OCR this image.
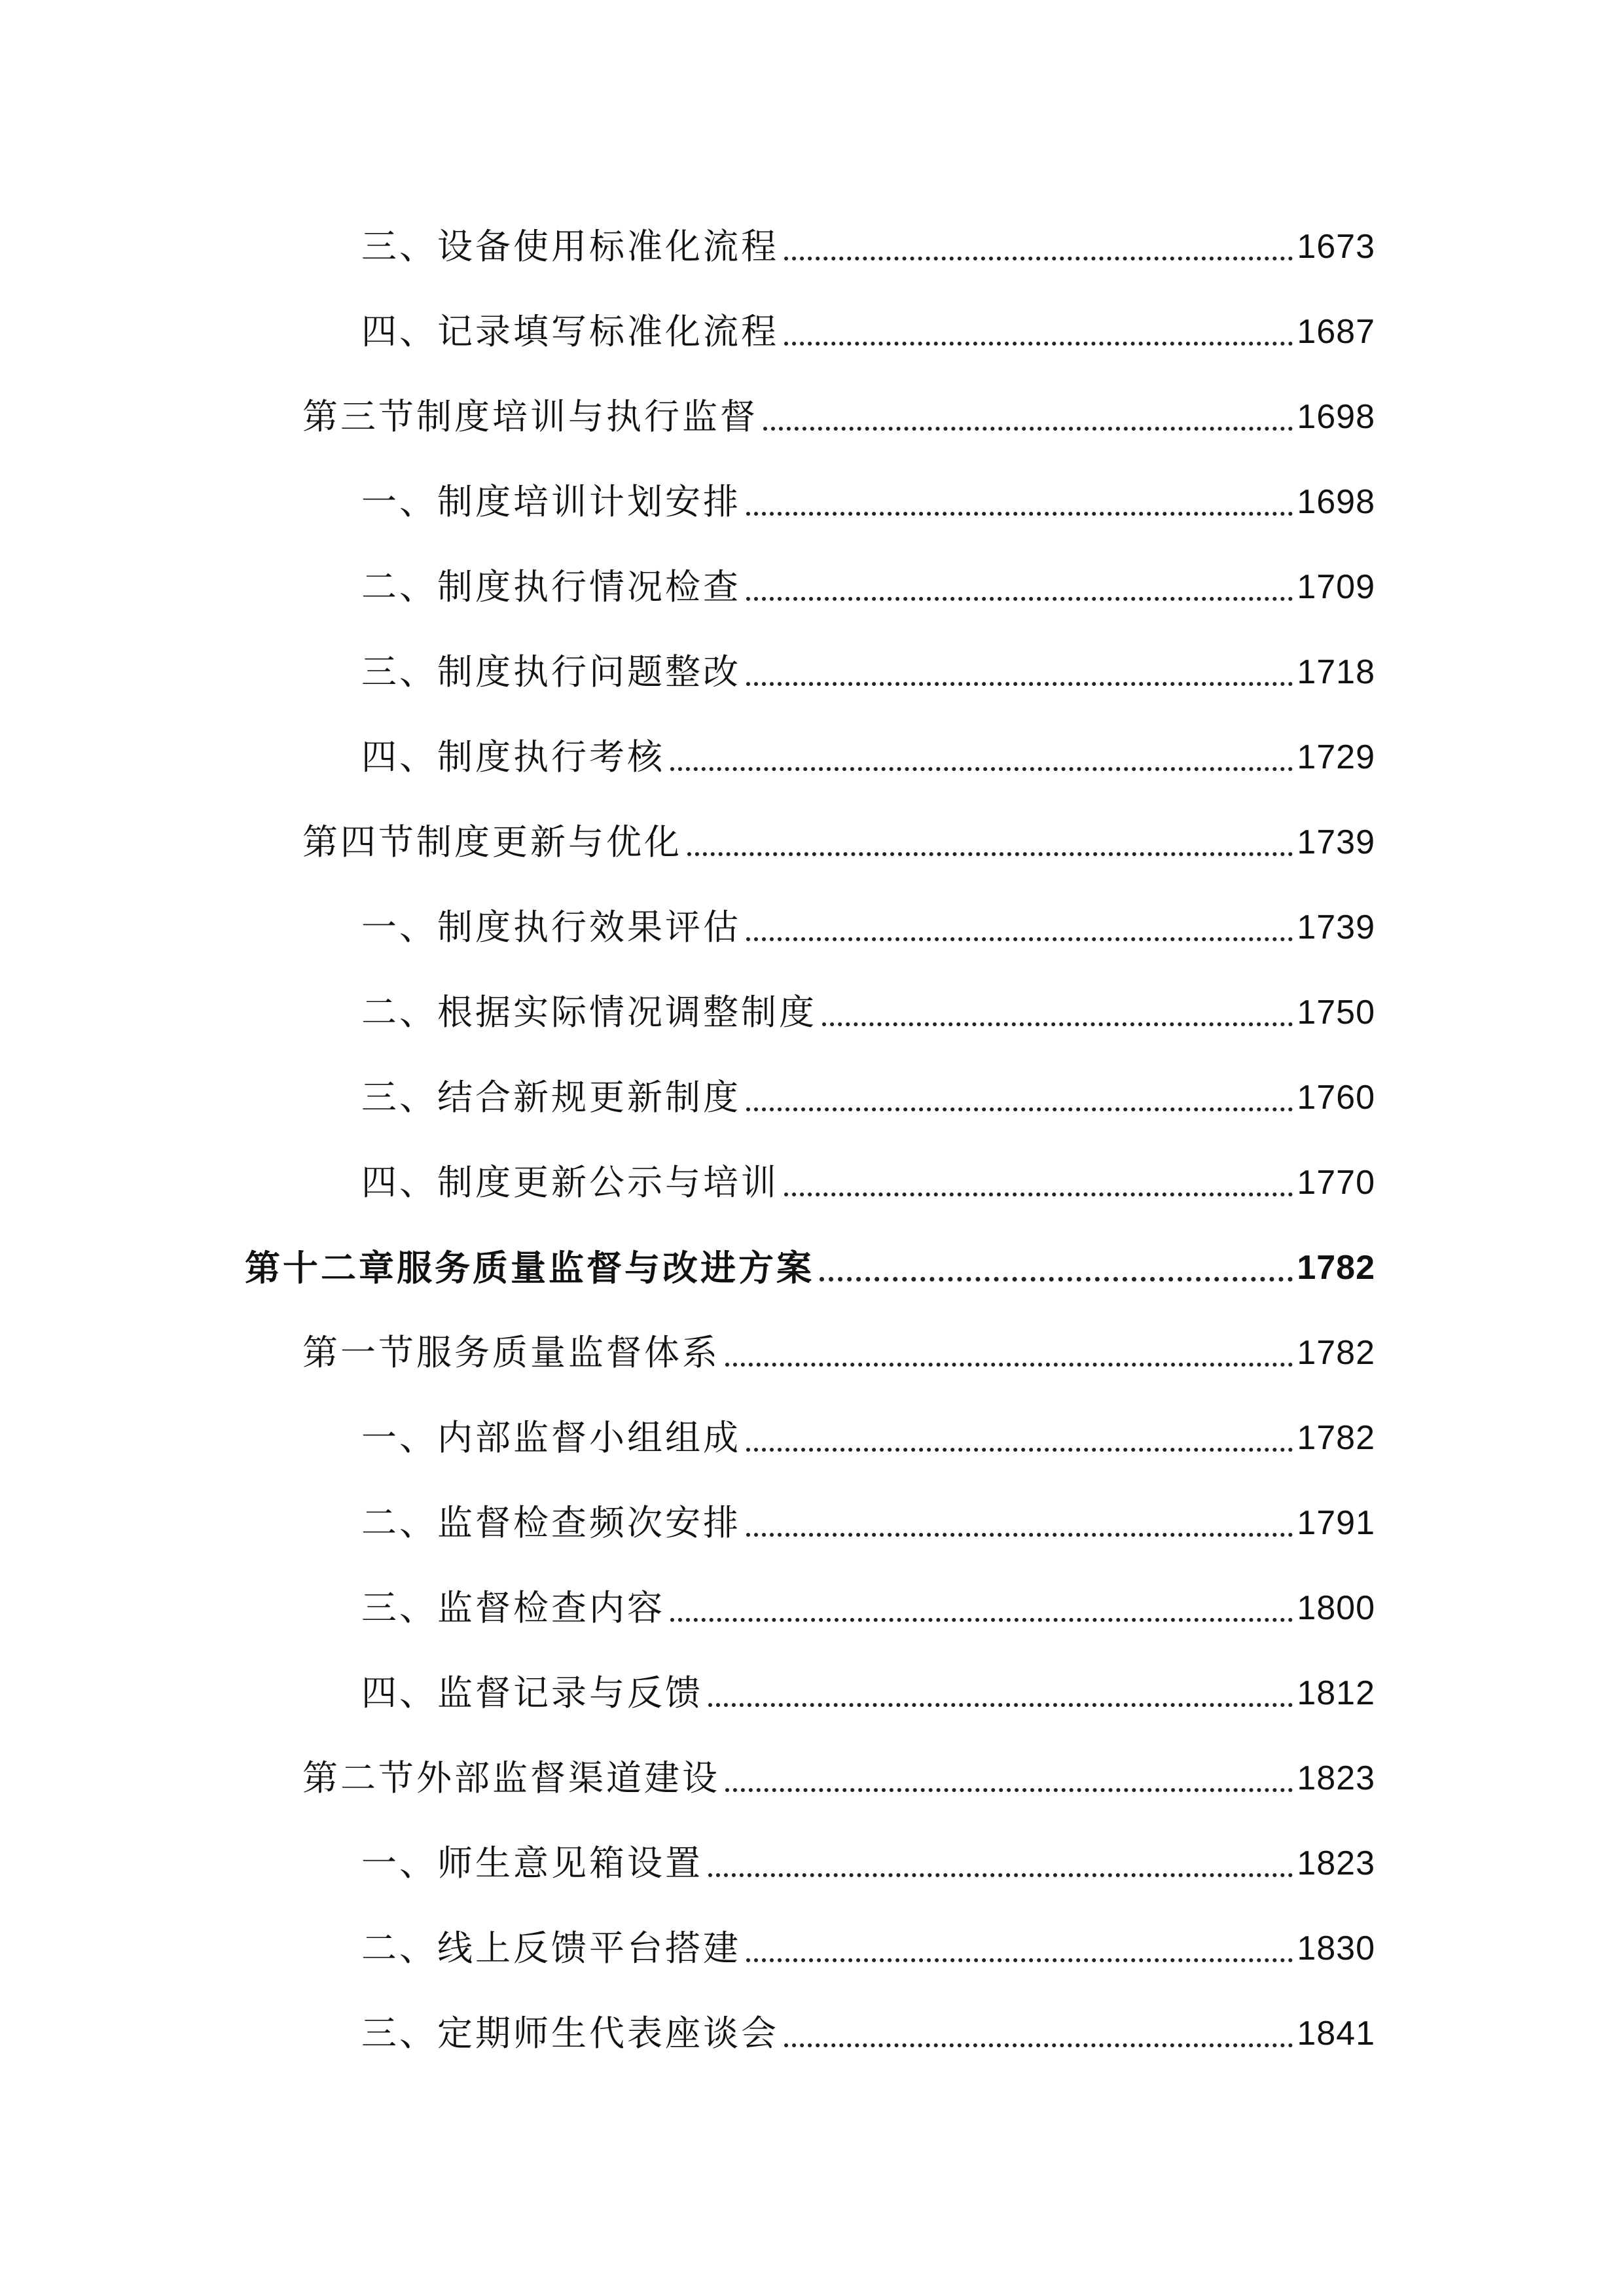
三、设备使用标准化流程	1673
四、记录填写标准化流程	1687
第三节制度培训与执行监督	1698
一、制度培训计划安排	1698
二、制度执行情况检查	1709
三、制度执行问题整改	1718
四、制度执行考核	1729
第四节制度更新与优化	1739
一、制度执行效果评估	1739
二、根据实际情况调整制度	1750
三、结合新规更新制度	1760
四、制度更新公示与培训	1770
第十二章服务质量监督与改进方案	1782
第一节服务质量监督体系	1782
一、内部监督小组组成	1782
二、监督检查频次安排	1791
三、监督检查内容	1800
四、监督记录与反馈	1812
第二节外部监督渠道建设	1823
一、师生意见箱设置	1823
二、线上反馈平台搭建	1830
三、定期师生代表座谈会	1841
